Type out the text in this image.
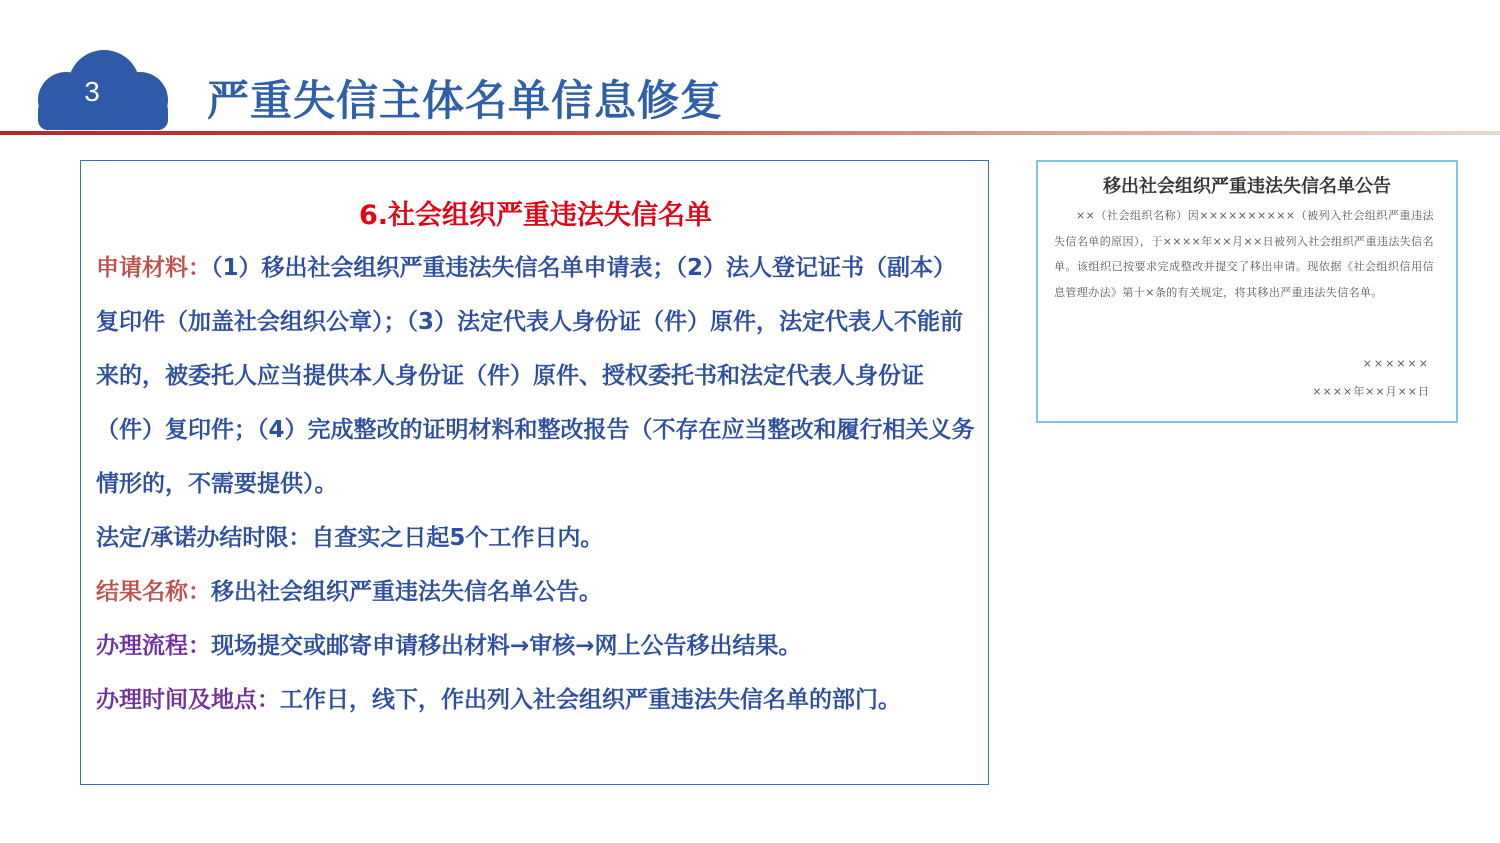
3	严重失信主体名单信息修复
6.社会组织严重违法失信名单
申请材料：（1）移出社会组织严重违法失信名单申请表；（2）法人登记证书（副本）复印件（加盖社会组织公章）；（3）法定代表人身份证（件）原件，法定代表人不能前来的，被委托人应当提供本人身份证（件）原件、授权委托书和法定代表人身份证（件）复印件；（4）完成整改的证明材料和整改报告（不存在应当整改和履行相关义务情形的，不需要提供）。
法定/承诺办结时限：自查实之日起5个工作日内。
结果名称：移出社会组织严重违法失信名单公告。
办理流程：现场提交或邮寄申请移出材料→审核→网上公告移出结果。
办理时间及地点：工作日，线下，作出列入社会组织严重违法失信名单的部门。
移出社会组织严重违法失信名单公告
××（社会组织名称）因××××××××××（被列入社会组织严重违法失信名单的原因），于××××年××月××日被列入社会组织严重违法失信名单。该组织已按要求完成整改并提交了移出申请。现依据《社会组织信用信息管理办法》第十×条的有关规定，将其移出严重违法失信名单。
××××××
××××年××月××日
